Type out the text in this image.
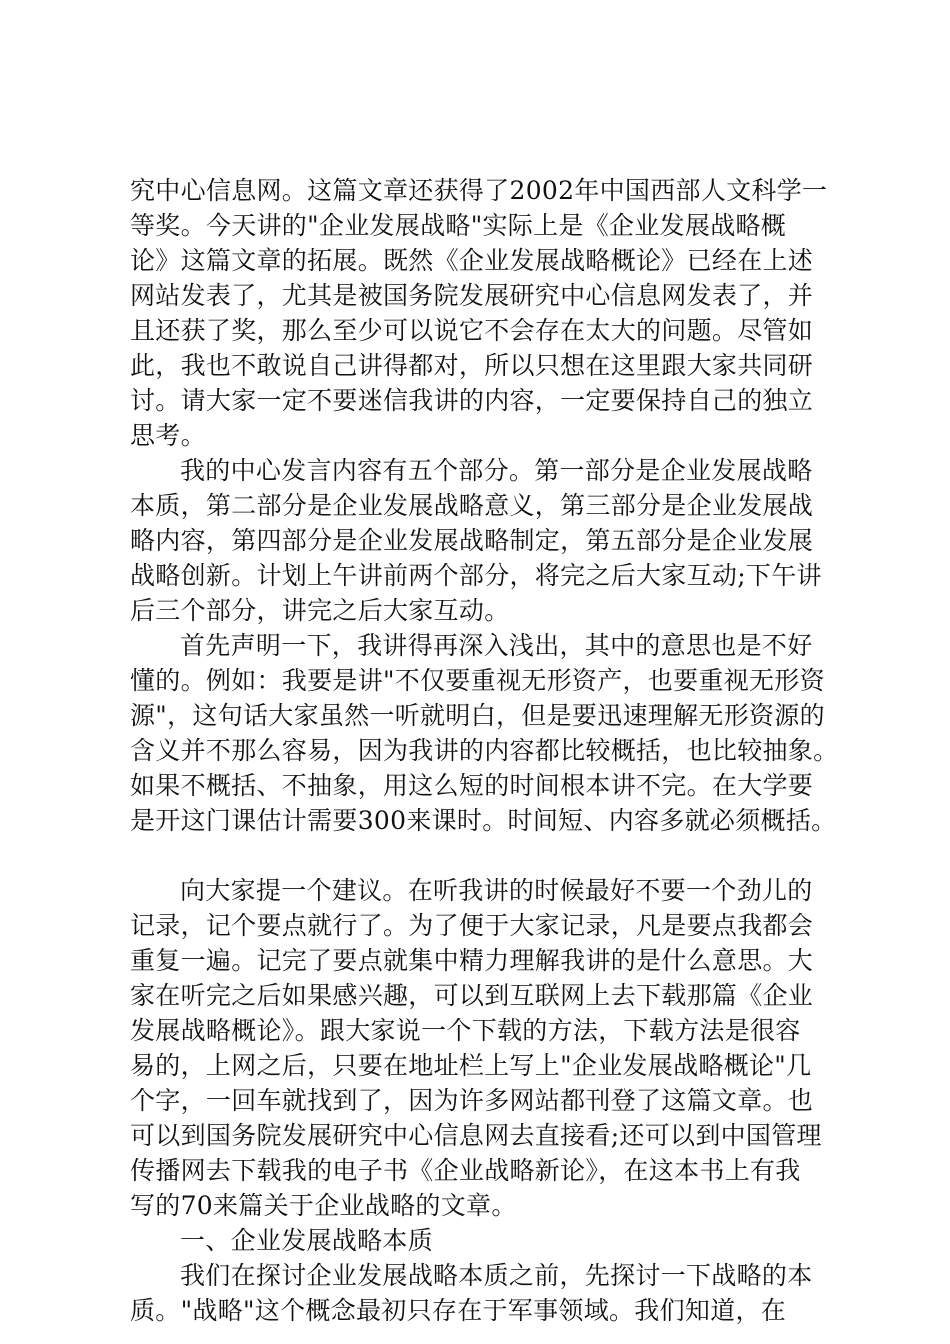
究中心信息网。这篇文章还获得了2002年中国西部人文科学一
等奖。今天讲的"企业发展战略"实际上是《企业发展战略概
论》这篇文章的拓展。既然《企业发展战略概论》已经在上述
网站发表了，尤其是被国务院发展研究中心信息网发表了，并
且还获了奖，那么至少可以说它不会存在太大的问题。尽管如
此，我也不敢说自己讲得都对，所以只想在这里跟大家共同研
讨。请大家一定不要迷信我讲的内容，一定要保持自己的独立
思考。
我的中心发言内容有五个部分。第一部分是企业发展战略
本质，第二部分是企业发展战略意义，第三部分是企业发展战
略内容，第四部分是企业发展战略制定，第五部分是企业发展
战略创新。计划上午讲前两个部分，将完之后大家互动;下午讲
后三个部分，讲完之后大家互动。
首先声明一下，我讲得再深入浅出，其中的意思也是不好
懂的。例如：我要是讲"不仅要重视无形资产，也要重视无形资
源"，这句话大家虽然一听就明白，但是要迅速理解无形资源的
含义并不那么容易，因为我讲的内容都比较概括，也比较抽象。
如果不概括、不抽象，用这么短的时间根本讲不完。在大学要
是开这门课估计需要300来课时。时间短、内容多就必须概括。
向大家提一个建议。在听我讲的时候最好不要一个劲儿的
记录，记个要点就行了。为了便于大家记录，凡是要点我都会
重复一遍。记完了要点就集中精力理解我讲的是什么意思。大
家在听完之后如果感兴趣，可以到互联网上去下载那篇《企业
发展战略概论》。跟大家说一个下载的方法，下载方法是很容
易的，上网之后，只要在地址栏上写上"企业发展战略概论"几
个字，一回车就找到了，因为许多网站都刊登了这篇文章。也
可以到国务院发展研究中心信息网去直接看;还可以到中国管理
传播网去下载我的电子书《企业战略新论》，在这本书上有我
写的70来篇关于企业战略的文章。
一、企业发展战略本质
我们在探讨企业发展战略本质之前，先探讨一下战略的本
质。"战略"这个概念最初只存在于军事领域。我们知道，在
